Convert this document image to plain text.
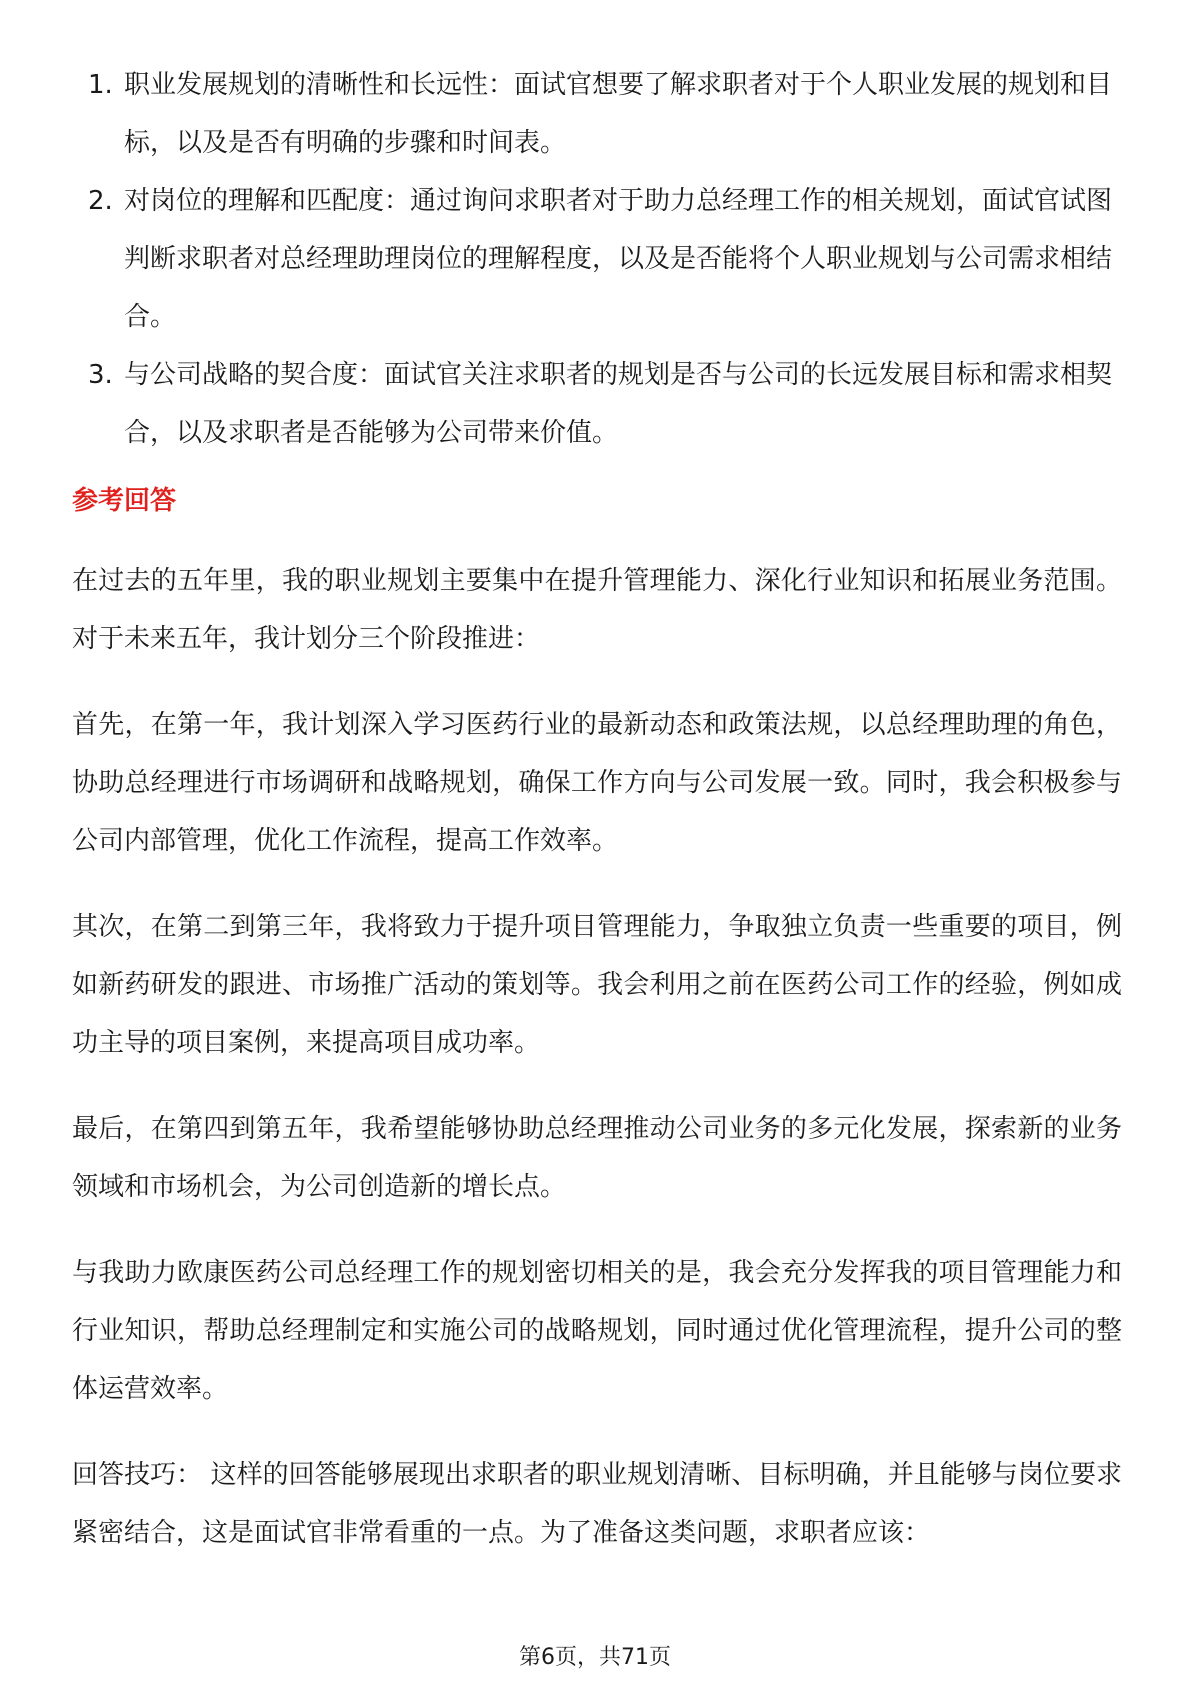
1. 职业发展规划的清晰性和长远性：面试官想要了解求职者对于个人职业发展的规划和目标，以及是否有明确的步骤和时间表。
2. 对岗位的理解和匹配度：通过询问求职者对于助力总经理工作的相关规划，面试官试图判断求职者对总经理助理岗位的理解程度，以及是否能将个人职业规划与公司需求相结合。
3. 与公司战略的契合度：面试官关注求职者的规划是否与公司的长远发展目标和需求相契合，以及求职者是否能够为公司带来价值。
参考回答

在过去的五年里，我的职业规划主要集中在提升管理能力、深化行业知识和拓展业务范围。对于未来五年，我计划分三个阶段推进：

首先，在第一年，我计划深入学习医药行业的最新动态和政策法规，以总经理助理的角色，协助总经理进行市场调研和战略规划，确保工作方向与公司发展一致。同时，我会积极参与公司内部管理，优化工作流程，提高工作效率。

其次，在第二到第三年，我将致力于提升项目管理能力，争取独立负责一些重要的项目，例如新药研发的跟进、市场推广活动的策划等。我会利用之前在医药公司工作的经验，例如成功主导的项目案例，来提高项目成功率。

最后，在第四到第五年，我希望能够协助总经理推动公司业务的多元化发展，探索新的业务领域和市场机会，为公司创造新的增长点。

与我助力欧康医药公司总经理工作的规划密切相关的是，我会充分发挥我的项目管理能力和行业知识，帮助总经理制定和实施公司的战略规划，同时通过优化管理流程，提升公司的整体运营效率。

回答技巧： 这样的回答能够展现出求职者的职业规划清晰、目标明确，并且能够与岗位要求紧密结合，这是面试官非常看重的一点。为了准备这类问题，求职者应该：

第6页，共71页
